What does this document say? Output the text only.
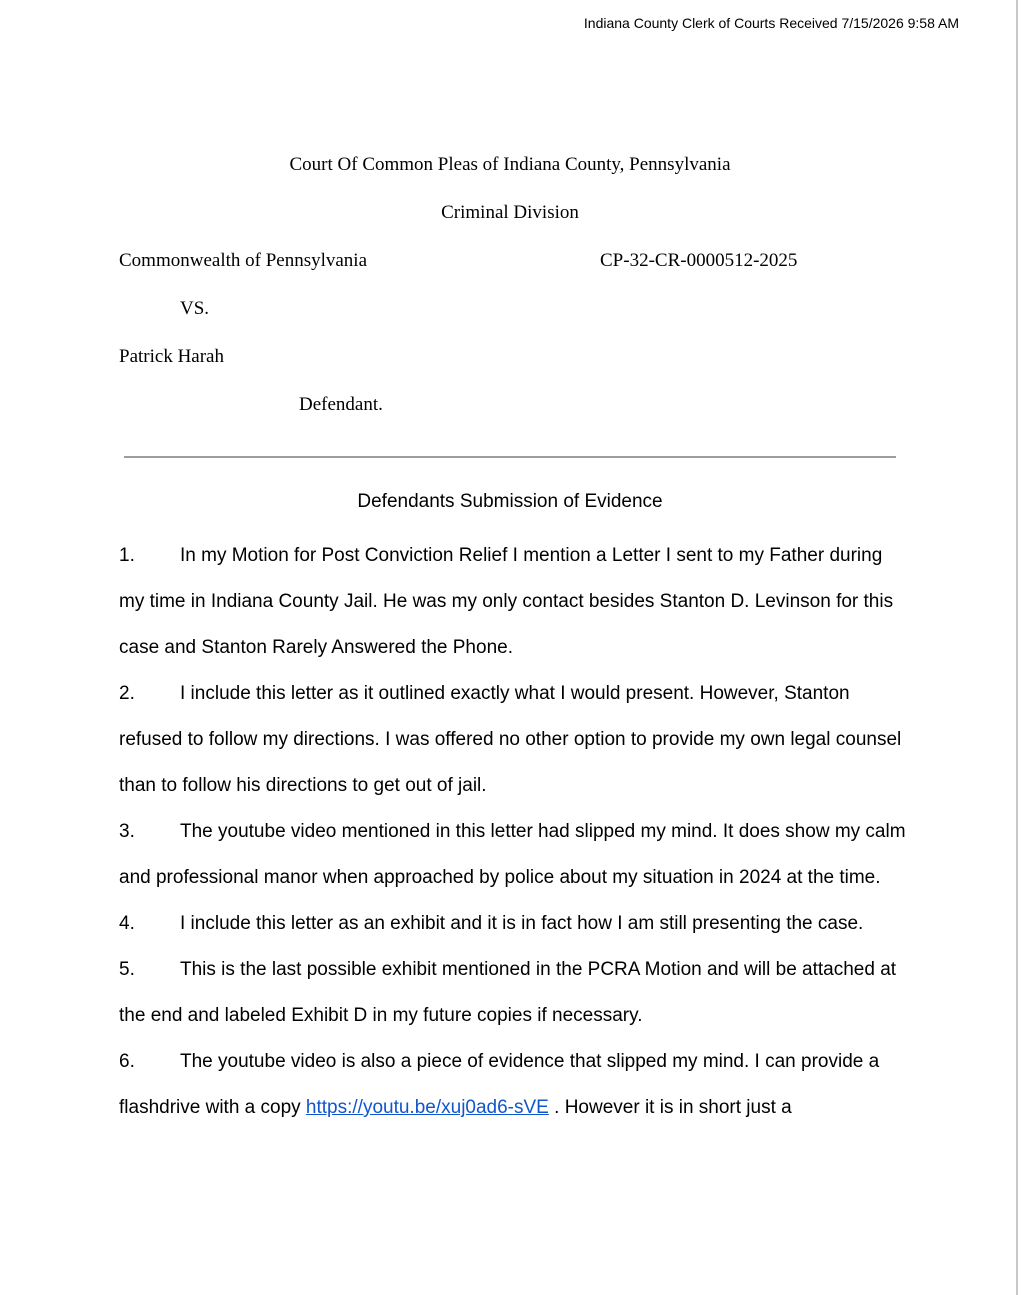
Indiana County Clerk of Courts Received 7/15/2026 9:58 AM
Court Of Common Pleas of Indiana County, Pennsylvania
Criminal Division
Commonwealth of Pennsylvania	CP-32-CR-0000512-2025
VS.
Patrick Harah
Defendant.
Defendants Submission of Evidence

1. In my Motion for Post Conviction Relief I mention a Letter I sent to my Father during my time in Indiana County Jail. He was my only contact besides Stanton D. Levinson for this case and Stanton Rarely Answered the Phone.

2. I include this letter as it outlined exactly what I would present. However, Stanton refused to follow my directions. I was offered no other option to provide my own legal counsel than to follow his directions to get out of jail.

3. The youtube video mentioned in this letter had slipped my mind. It does show my calm and professional manor when approached by police about my situation in 2024 at the time.

4. I include this letter as an exhibit and it is in fact how I am still presenting the case.

5. This is the last possible exhibit mentioned in the PCRA Motion and will be attached at the end and labeled Exhibit D in my future copies if necessary.

6. The youtube video is also a piece of evidence that slipped my mind. I can provide a flashdrive with a copy https://youtu.be/xuj0ad6-sVE . However it is in short just a
